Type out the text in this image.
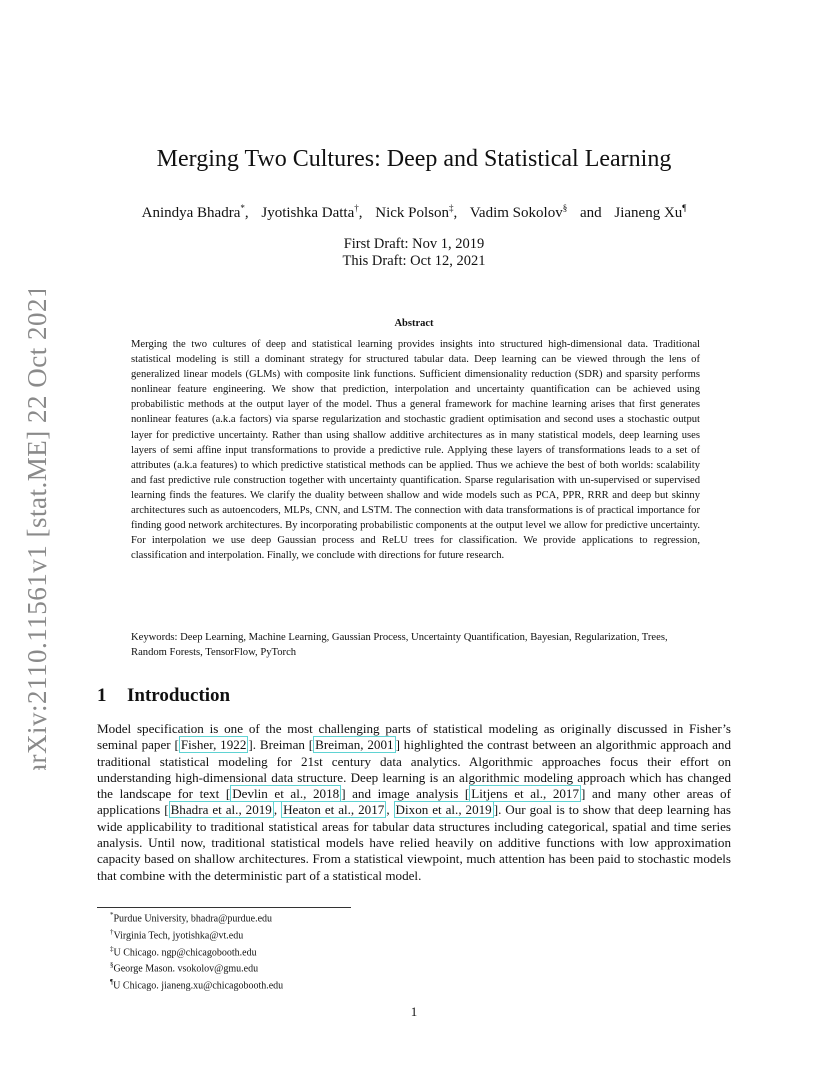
arXiv:2110.11561v1 [stat.ME] 22 Oct 2021
Merging Two Cultures: Deep and Statistical Learning
Anindya Bhadra*, Jyotishka Datta†, Nick Polson‡, Vadim Sokolov§ and Jianeng Xu¶
First Draft: Nov 1, 2019
This Draft: Oct 12, 2021
Abstract
Merging the two cultures of deep and statistical learning provides insights into structured high-dimensional data. Traditional statistical modeling is still a dominant strategy for structured tabular data. Deep learning can be viewed through the lens of generalized linear models (GLMs) with composite link functions. Sufficient dimensionality reduction (SDR) and sparsity performs nonlinear feature engineering. We show that prediction, interpolation and uncertainty quantification can be achieved using probabilistic methods at the output layer of the model. Thus a general framework for machine learning arises that first generates nonlinear features (a.k.a factors) via sparse regularization and stochastic gradient optimisation and second uses a stochastic output layer for predictive uncertainty. Rather than using shallow additive architectures as in many statistical models, deep learning uses layers of semi affine input transformations to provide a predictive rule. Applying these layers of transformations leads to a set of attributes (a.k.a features) to which predictive statistical methods can be applied. Thus we achieve the best of both worlds: scalability and fast predictive rule construction together with uncertainty quantification. Sparse regularisation with un-supervised or supervised learning finds the features. We clarify the duality between shallow and wide models such as PCA, PPR, RRR and deep but skinny architectures such as autoencoders, MLPs, CNN, and LSTM. The connection with data transformations is of practical importance for finding good network architectures. By incorporating probabilistic components at the output level we allow for predictive uncertainty. For interpolation we use deep Gaussian process and ReLU trees for classification. We provide applications to regression, classification and interpolation. Finally, we conclude with directions for future research.
Keywords: Deep Learning, Machine Learning, Gaussian Process, Uncertainty Quantification, Bayesian, Regularization, Trees, Random Forests, TensorFlow, PyTorch
1 Introduction
Model specification is one of the most challenging parts of statistical modeling as originally discussed in Fisher’s seminal paper [ Fisher, 1922 ]. Breiman [ Breiman, 2001 ] highlighted the contrast between an algorithmic approach and traditional statistical modeling for 21st century data analytics. Algorithmic approaches focus their effort on understanding high-dimensional data structure. Deep learning is an algorithmic modeling approach which has changed the landscape for text [ Devlin et al., 2018 ] and image analysis [ Litjens et al., 2017 ] and many other areas of applications [ Bhadra et al., 2019 , Heaton et al., 2017 , Dixon et al., 2019 ]. Our goal is to show that deep learning has wide applicability to traditional statistical areas for tabular data structures including categorical, spatial and time series analysis. Until now, traditional statistical models have relied heavily on additive functions with low approximation capacity based on shallow architectures. From a statistical viewpoint, much attention has been paid to stochastic models that combine with the deterministic part of a statistical model.
*Purdue University, bhadra@purdue.edu
†Virginia Tech, jyotishka@vt.edu
‡U Chicago. ngp@chicagobooth.edu
§George Mason. vsokolov@gmu.edu
¶U Chicago. jianeng.xu@chicagobooth.edu
1
